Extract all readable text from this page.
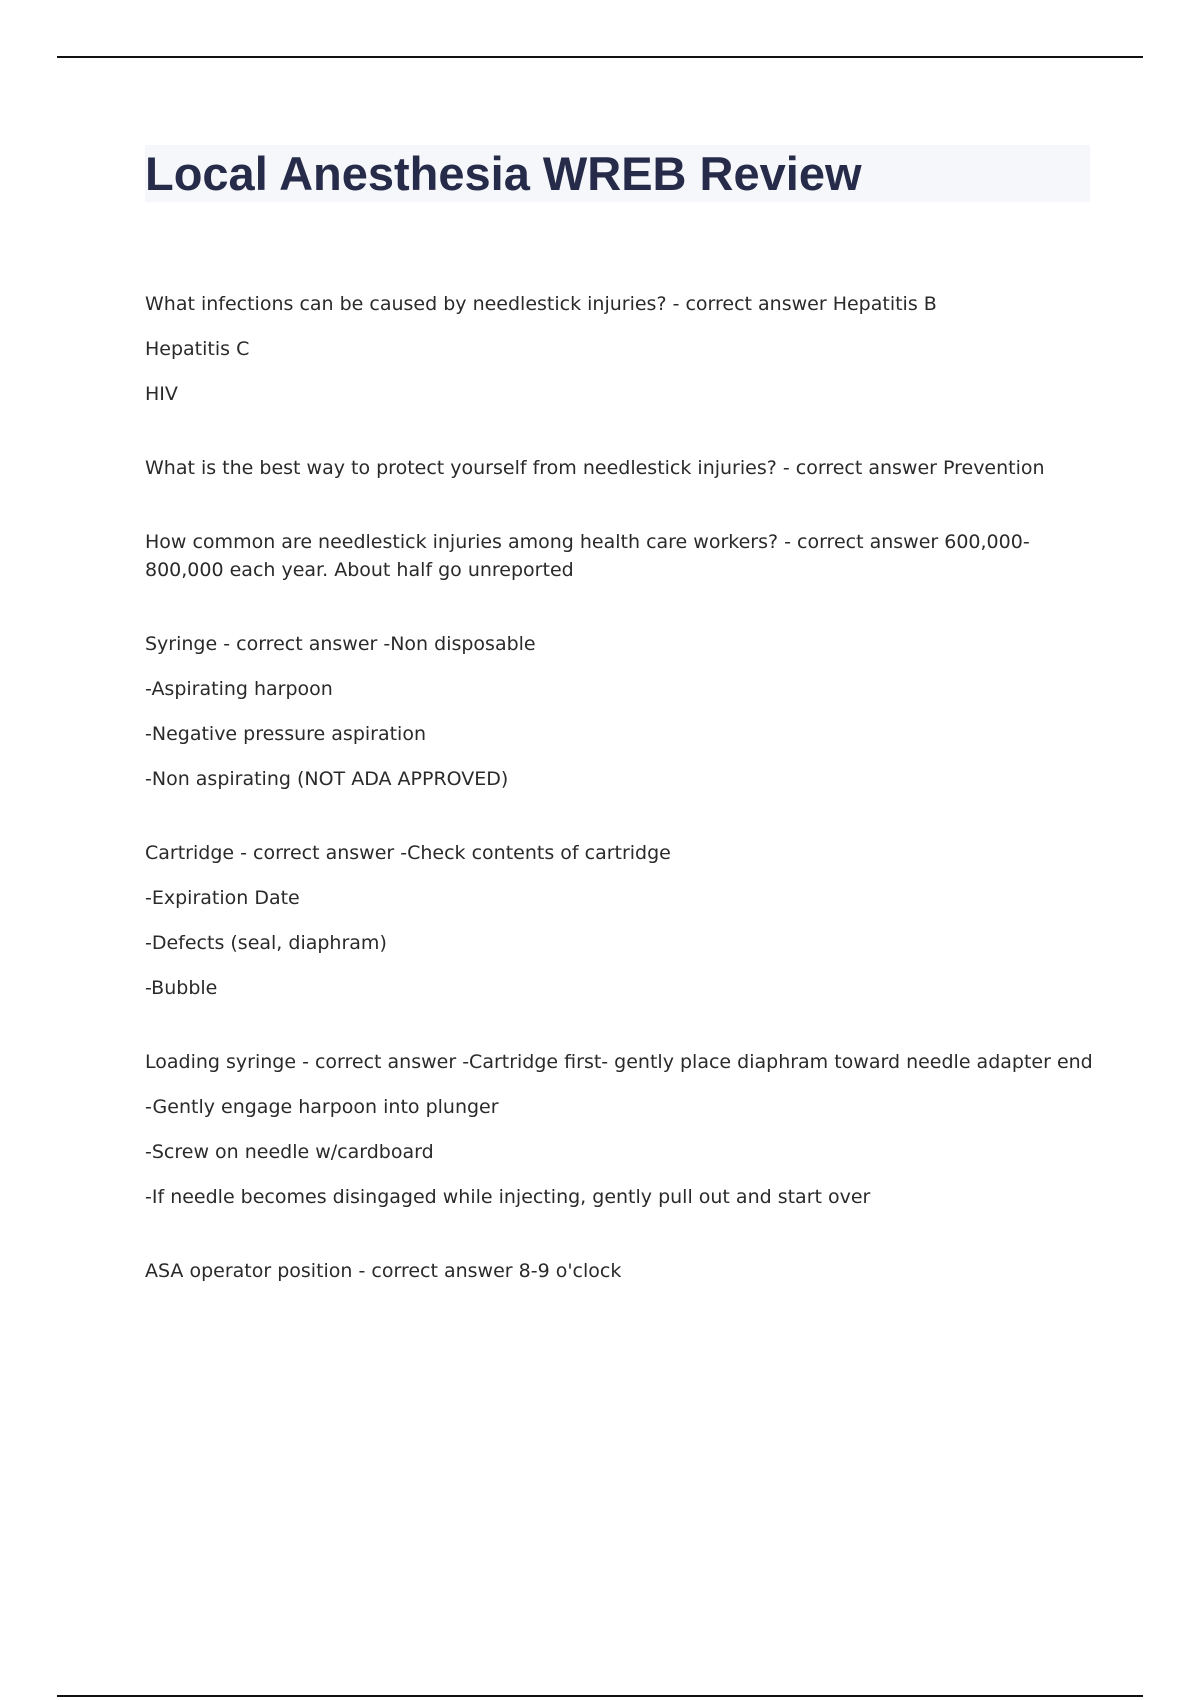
Local Anesthesia WREB Review

What infections can be caused by needlestick injuries? - correct answer Hepatitis B

Hepatitis C

HIV

What is the best way to protect yourself from needlestick injuries? - correct answer Prevention

How common are needlestick injuries among health care workers? - correct answer 600,000-800,000 each year. About half go unreported

Syringe - correct answer -Non disposable

-Aspirating harpoon

-Negative pressure aspiration

-Non aspirating (NOT ADA APPROVED)

Cartridge - correct answer -Check contents of cartridge

-Expiration Date

-Defects (seal, diaphram)

-Bubble

Loading syringe - correct answer -Cartridge first- gently place diaphram toward needle adapter end

-Gently engage harpoon into plunger

-Screw on needle w/cardboard

-If needle becomes disingaged while injecting, gently pull out and start over

ASA operator position - correct answer 8-9 o'clock
